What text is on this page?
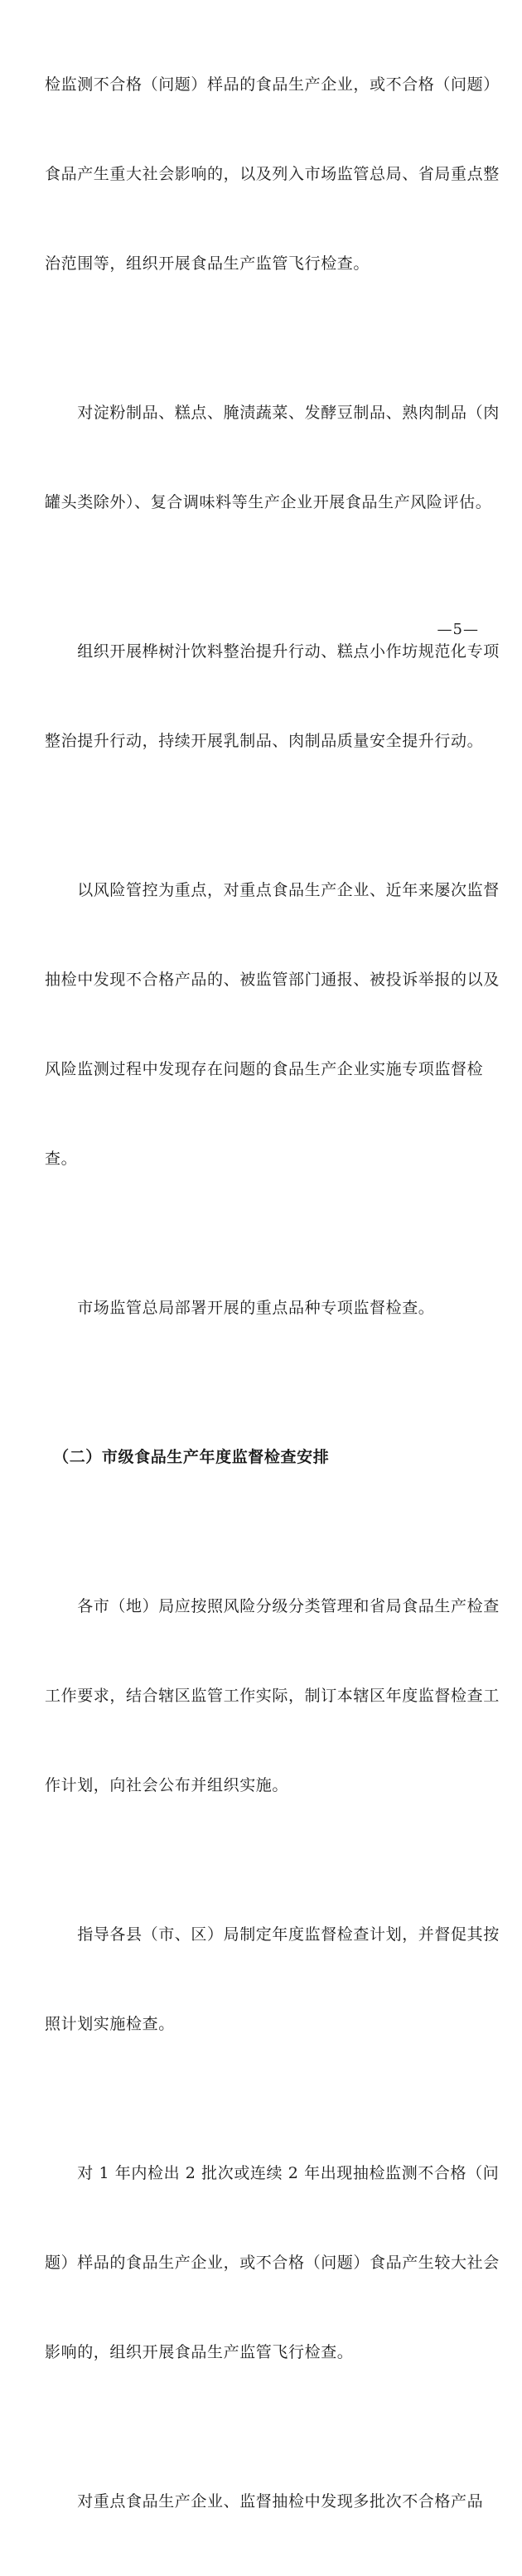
检监测不合格（问题）样品的食品生产企业，或不合格（问题）

食品产生重大社会影响的，以及列入市场监管总局、省局重点整

治范围等，组织开展食品生产监管飞行检查。

　　对淀粉制品、糕点、腌渍蔬菜、发酵豆制品、熟肉制品（肉

罐头类除外）、复合调味料等生产企业开展食品生产风险评估。

　　组织开展桦树汁饮料整治提升行动、糕点小作坊规范化专项

整治提升行动，持续开展乳制品、肉制品质量安全提升行动。

　　以风险管控为重点，对重点食品生产企业、近年来屡次监督

抽检中发现不合格产品的、被监管部门通报、被投诉举报的以及

风险监测过程中发现存在问题的食品生产企业实施专项监督检

查。

　　市场监管总局部署开展的重点品种专项监督检查。

　（二）市级食品生产年度监督检查安排

　　各市（地）局应按照风险分级分类管理和省局食品生产检查

工作要求，结合辖区监管工作实际，制订本辖区年度监督检查工

作计划，向社会公布并组织实施。

　　指导各县（市、区）局制定年度监督检查计划，并督促其按

照计划实施检查。

　　对 1 年内检出 2 批次或连续 2 年出现抽检监测不合格（问

题）样品的食品生产企业，或不合格（问题）食品产生较大社会

影响的，组织开展食品生产监管飞行检查。

　　对重点食品生产企业、监督抽检中发现多批次不合格产品

—5—
